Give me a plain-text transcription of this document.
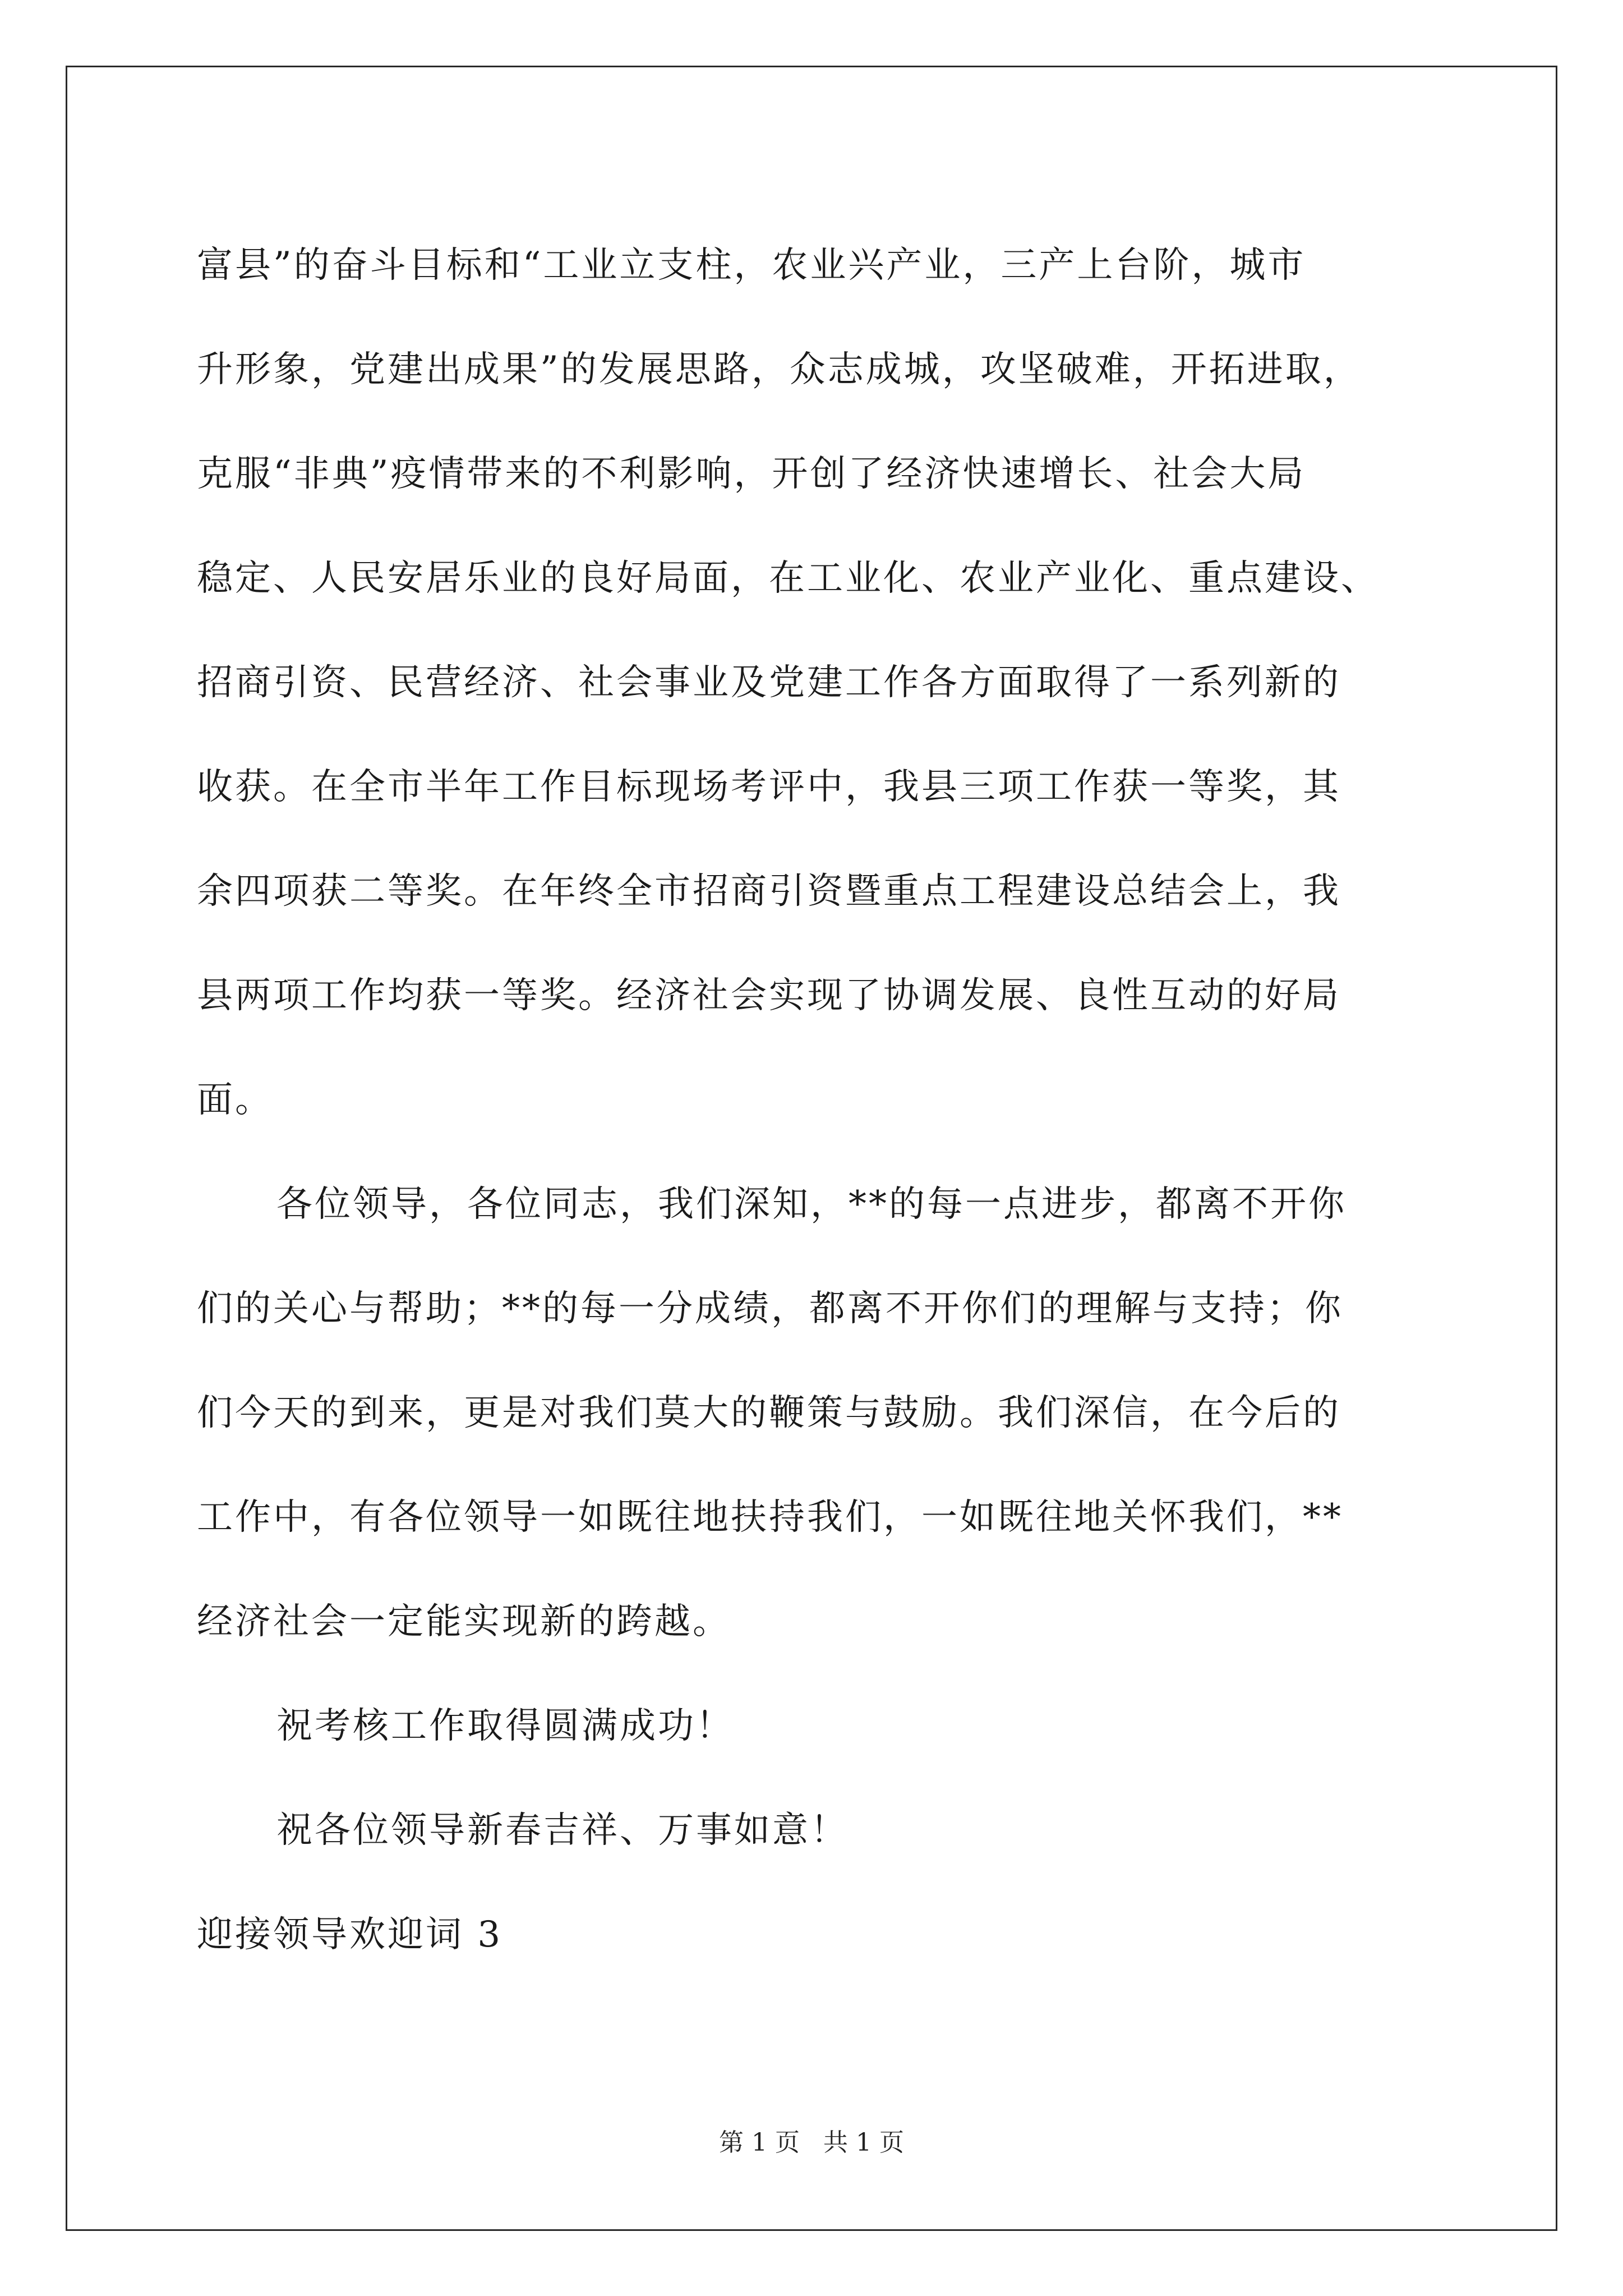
富县”的奋斗目标和“工业立支柱，农业兴产业，三产上台阶，城市
升形象，党建出成果”的发展思路，众志成城，攻坚破难，开拓进取，
克服“非典”疫情带来的不利影响，开创了经济快速增长、社会大局
稳定、人民安居乐业的良好局面，在工业化、农业产业化、重点建设、
招商引资、民营经济、社会事业及党建工作各方面取得了一系列新的
收获。在全市半年工作目标现场考评中，我县三项工作获一等奖，其
余四项获二等奖。在年终全市招商引资暨重点工程建设总结会上，我
县两项工作均获一等奖。经济社会实现了协调发展、良性互动的好局
面。
各位领导，各位同志，我们深知，**的每一点进步，都离不开你
们的关心与帮助；**的每一分成绩，都离不开你们的理解与支持；你
们今天的到来，更是对我们莫大的鞭策与鼓励。我们深信，在今后的
工作中，有各位领导一如既往地扶持我们，一如既往地关怀我们，**
经济社会一定能实现新的跨越。
祝考核工作取得圆满成功！
祝各位领导新春吉祥、万事如意！
迎接领导欢迎词 3
第 1 页   共 1 页
